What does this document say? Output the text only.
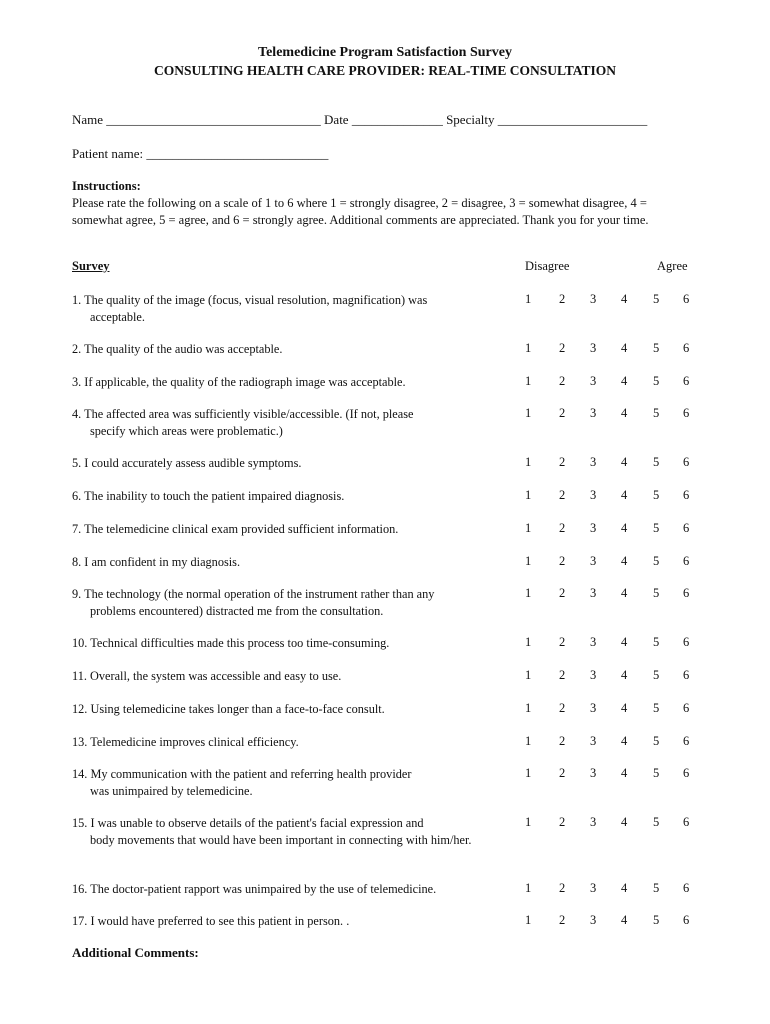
Telemedicine Program Satisfaction Survey
CONSULTING HEALTH CARE PROVIDER: REAL-TIME CONSULTATION
Name _________________________________ Date ______________ Specialty _______________________
Patient name: ____________________________
Instructions:
Please rate the following on a scale of 1 to 6 where 1 = strongly disagree, 2 = disagree, 3 = somewhat disagree, 4 = somewhat agree, 5 = agree, and 6 = strongly agree. Additional comments are appreciated. Thank you for your time.
Survey	Disagree	Agree
1. The quality of the image (focus, visual resolution, magnification) was
acceptable.
1 2 3 4 5 6
2. The quality of the audio was acceptable.	1 2 3 4 5 6
3. If applicable, the quality of the radiograph image was acceptable.	1 2 3 4 5 6
4. The affected area was sufficiently visible/accessible. (If not, please
specify which areas were problematic.)
1 2 3 4 5 6
5. I could accurately assess audible symptoms.	1 2 3 4 5 6
6. The inability to touch the patient impaired diagnosis.	1 2 3 4 5 6
7. The telemedicine clinical exam provided sufficient information.	1 2 3 4 5 6
8. I am confident in my diagnosis.	1 2 3 4 5 6
9. The technology (the normal operation of the instrument rather than any
problems encountered) distracted me from the consultation.
1 2 3 4 5 6
10. Technical difficulties made this process too time-consuming.	1 2 3 4 5 6
11. Overall, the system was accessible and easy to use.	1 2 3 4 5 6
12. Using telemedicine takes longer than a face-to-face consult.	1 2 3 4 5 6
13. Telemedicine improves clinical efficiency.	1 2 3 4 5 6
14. My communication with the patient and referring health provider
was unimpaired by telemedicine.
1 2 3 4 5 6
15. I was unable to observe details of the patient's facial expression and
body movements that would have been important in connecting with him/her.
1 2 3 4 5 6
16. The doctor-patient rapport was unimpaired by the use of telemedicine.	1 2 3 4 5 6
17. I would have preferred to see this patient in person. .	1 2 3 4 5 6
Additional Comments:
